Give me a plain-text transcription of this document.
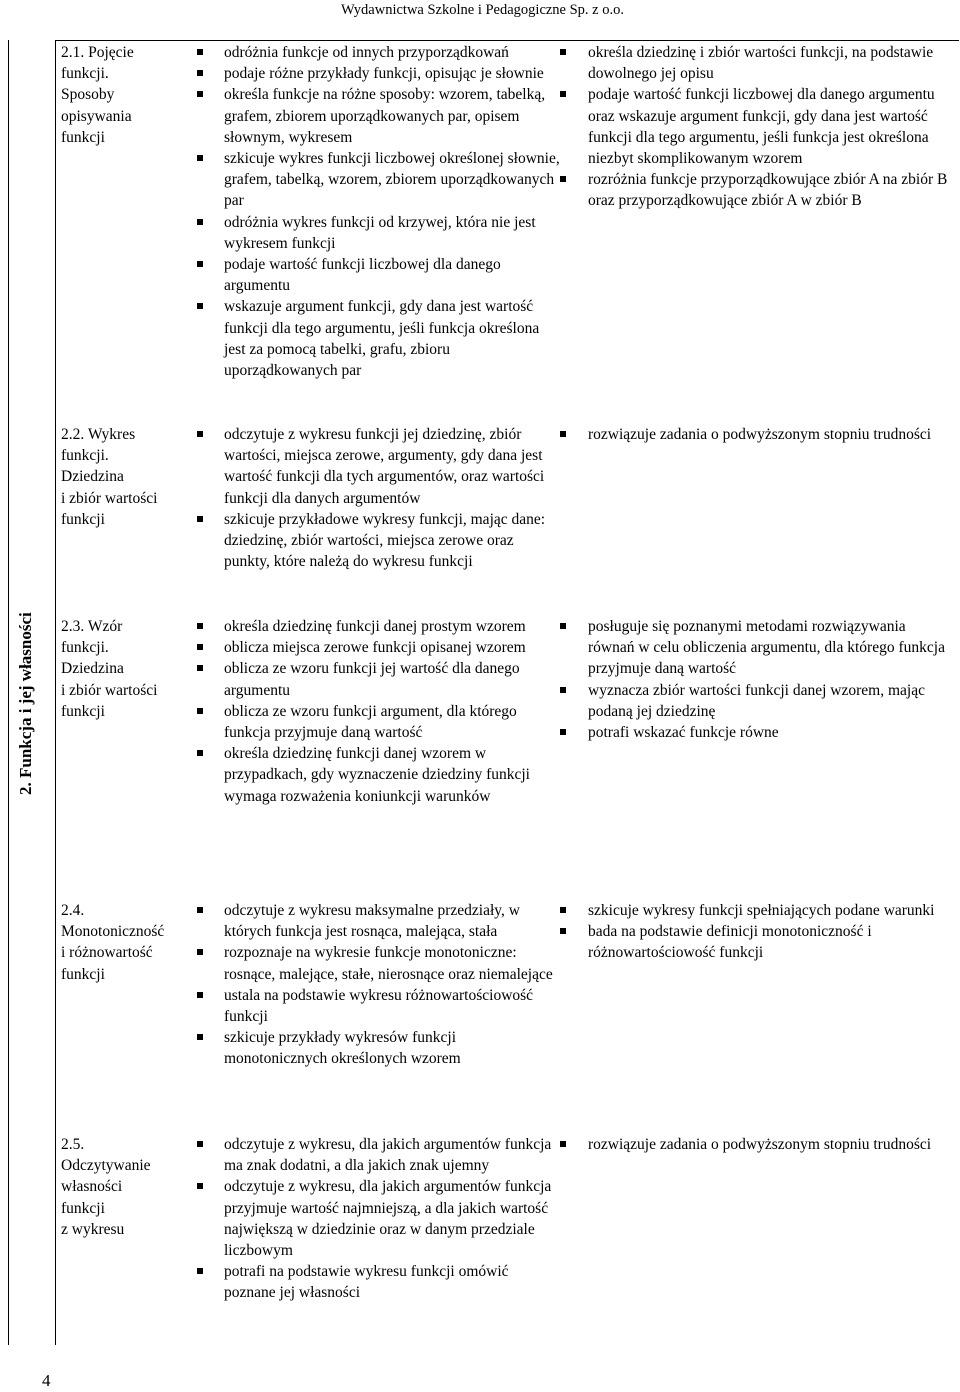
Wydawnictwa Szkolne i Pedagogiczne Sp. z o.o.
2. Funkcja i jej własności
2.1. Pojęcie
funkcji.
Sposoby
opisywania
funkcji
odróżnia funkcje od innych przyporządkowań
podaje różne przykłady funkcji, opisując je słownie
określa funkcje na różne sposoby: wzorem, tabelką, grafem, zbiorem uporządkowanych par, opisem słownym, wykresem
szkicuje wykres funkcji liczbowej określonej słownie, grafem, tabelką, wzorem, zbiorem uporządkowanych par
odróżnia wykres funkcji od krzywej, która nie jest wykresem funkcji
podaje wartość funkcji liczbowej dla danego argumentu
wskazuje argument funkcji, gdy dana jest wartość funkcji dla tego argumentu, jeśli funkcja określona jest za pomocą tabelki, grafu, zbioru uporządkowanych par
określa dziedzinę i zbiór wartości funkcji, na podstawie dowolnego jej opisu
podaje wartość funkcji liczbowej dla danego argumentu oraz wskazuje argument funkcji, gdy dana jest wartość funkcji dla tego argumentu, jeśli funkcja jest określona niezbyt skomplikowanym wzorem
rozróżnia funkcje przyporządkowujące zbiór A na zbiór B oraz przyporządkowujące zbiór A w zbiór B
2.2. Wykres
funkcji.
Dziedzina
i zbiór wartości
funkcji
odczytuje z wykresu funkcji jej dziedzinę, zbiór wartości, miejsca zerowe, argumenty, gdy dana jest wartość funkcji dla tych argumentów, oraz wartości funkcji dla danych argumentów
szkicuje przykładowe wykresy funkcji, mając dane: dziedzinę, zbiór wartości, miejsca zerowe oraz punkty, które należą do wykresu funkcji
rozwiązuje zadania o podwyższonym stopniu trudności
2.3. Wzór
funkcji.
Dziedzina
i zbiór wartości
funkcji
określa dziedzinę funkcji danej prostym wzorem
oblicza miejsca zerowe funkcji opisanej wzorem
oblicza ze wzoru funkcji jej wartość dla danego argumentu
oblicza ze wzoru funkcji argument, dla którego funkcja przyjmuje daną wartość
określa dziedzinę funkcji danej wzorem w przypadkach, gdy wyznaczenie dziedziny funkcji wymaga rozważenia koniunkcji warunków
posługuje się poznanymi metodami rozwiązywania równań w celu obliczenia argumentu, dla którego funkcja przyjmuje daną wartość
wyznacza zbiór wartości funkcji danej wzorem, mając podaną jej dziedzinę
potrafi wskazać funkcje równe
2.4. Monotoniczność
i różnowartość
funkcji
odczytuje z wykresu maksymalne przedziały, w których funkcja jest rosnąca, malejąca, stała
rozpoznaje na wykresie funkcje monotoniczne: rosnące, malejące, stałe, nierosnące oraz niemalejące
ustala na podstawie wykresu różnowartościowość funkcji
szkicuje przykłady wykresów funkcji monotonicznych określonych wzorem
szkicuje wykresy funkcji spełniających podane warunki
bada na podstawie definicji monotoniczność i różnowartościowość funkcji
2.5.
Odczytywanie
własności
funkcji
z wykresu
odczytuje z wykresu, dla jakich argumentów funkcja ma znak dodatni, a dla jakich znak ujemny
odczytuje z wykresu, dla jakich argumentów funkcja przyjmuje wartość najmniejszą, a dla jakich wartość największą w dziedzinie oraz w danym przedziale liczbowym
potrafi na podstawie wykresu funkcji omówić poznane jej własności
rozwiązuje zadania o podwyższonym stopniu trudności
4
